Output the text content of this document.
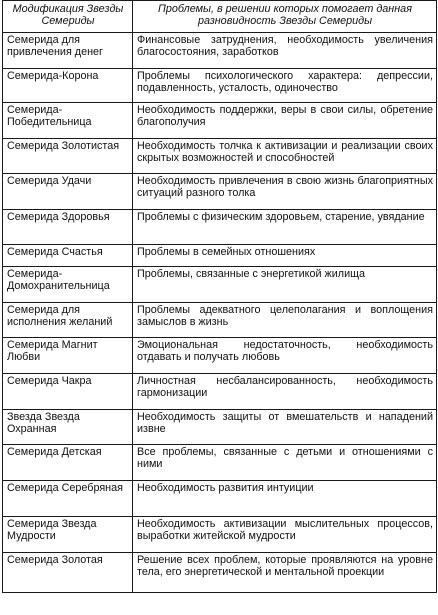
Модификация Звезды Семериды	Проблемы, в решении которых помогает данная разновидность Звезды Семериды
Семерида для привлечения денег	Финансовые затруднения, необходимость увеличения благосостояния, заработков
Семерида-Корона	Проблемы психологического характера: депрессии, подавленность, усталость, одиночество
Семерида-Победительница	Необходимость поддержки, веры в свои силы, обретение благополучия
Семерида Золотистая	Необходимость толчка к активизации и реализации своих скрытых возможностей и способностей
Семерида Удачи	Необходимость привлечения в свою жизнь благоприятных ситуаций разного толка
Семерида Здоровья	Проблемы с физическим здоровьем, старение, увядание
Семерида Счастья	Проблемы в семейных отношениях
Семерида-Домохранительница	Проблемы, связанные с энергетикой жилища
Семерида для исполнения желаний	Проблемы адекватного целеполагания и воплощения замыслов в жизнь
Семерида Магнит Любви	Эмоциональная недостаточность, необходимость отдавать и получать любовь
Семерида Чакра	Личностная несбалансированность, необходимость гармонизации
Звезда Звезда Охранная	Необходимость защиты от вмешательств и нападений извне
Семерида Детская	Все проблемы, связанные с детьми и отношениями с ними
Семерида Серебряная	Необходимость развития интуиции
Семерида Звезда Мудрости	Необходимость активизации мыслительных процессов, выработки житейской мудрости
Семерида Золотая	Решение всех проблем, которые проявляются на уровне тела, его энергетической и ментальной проекции
